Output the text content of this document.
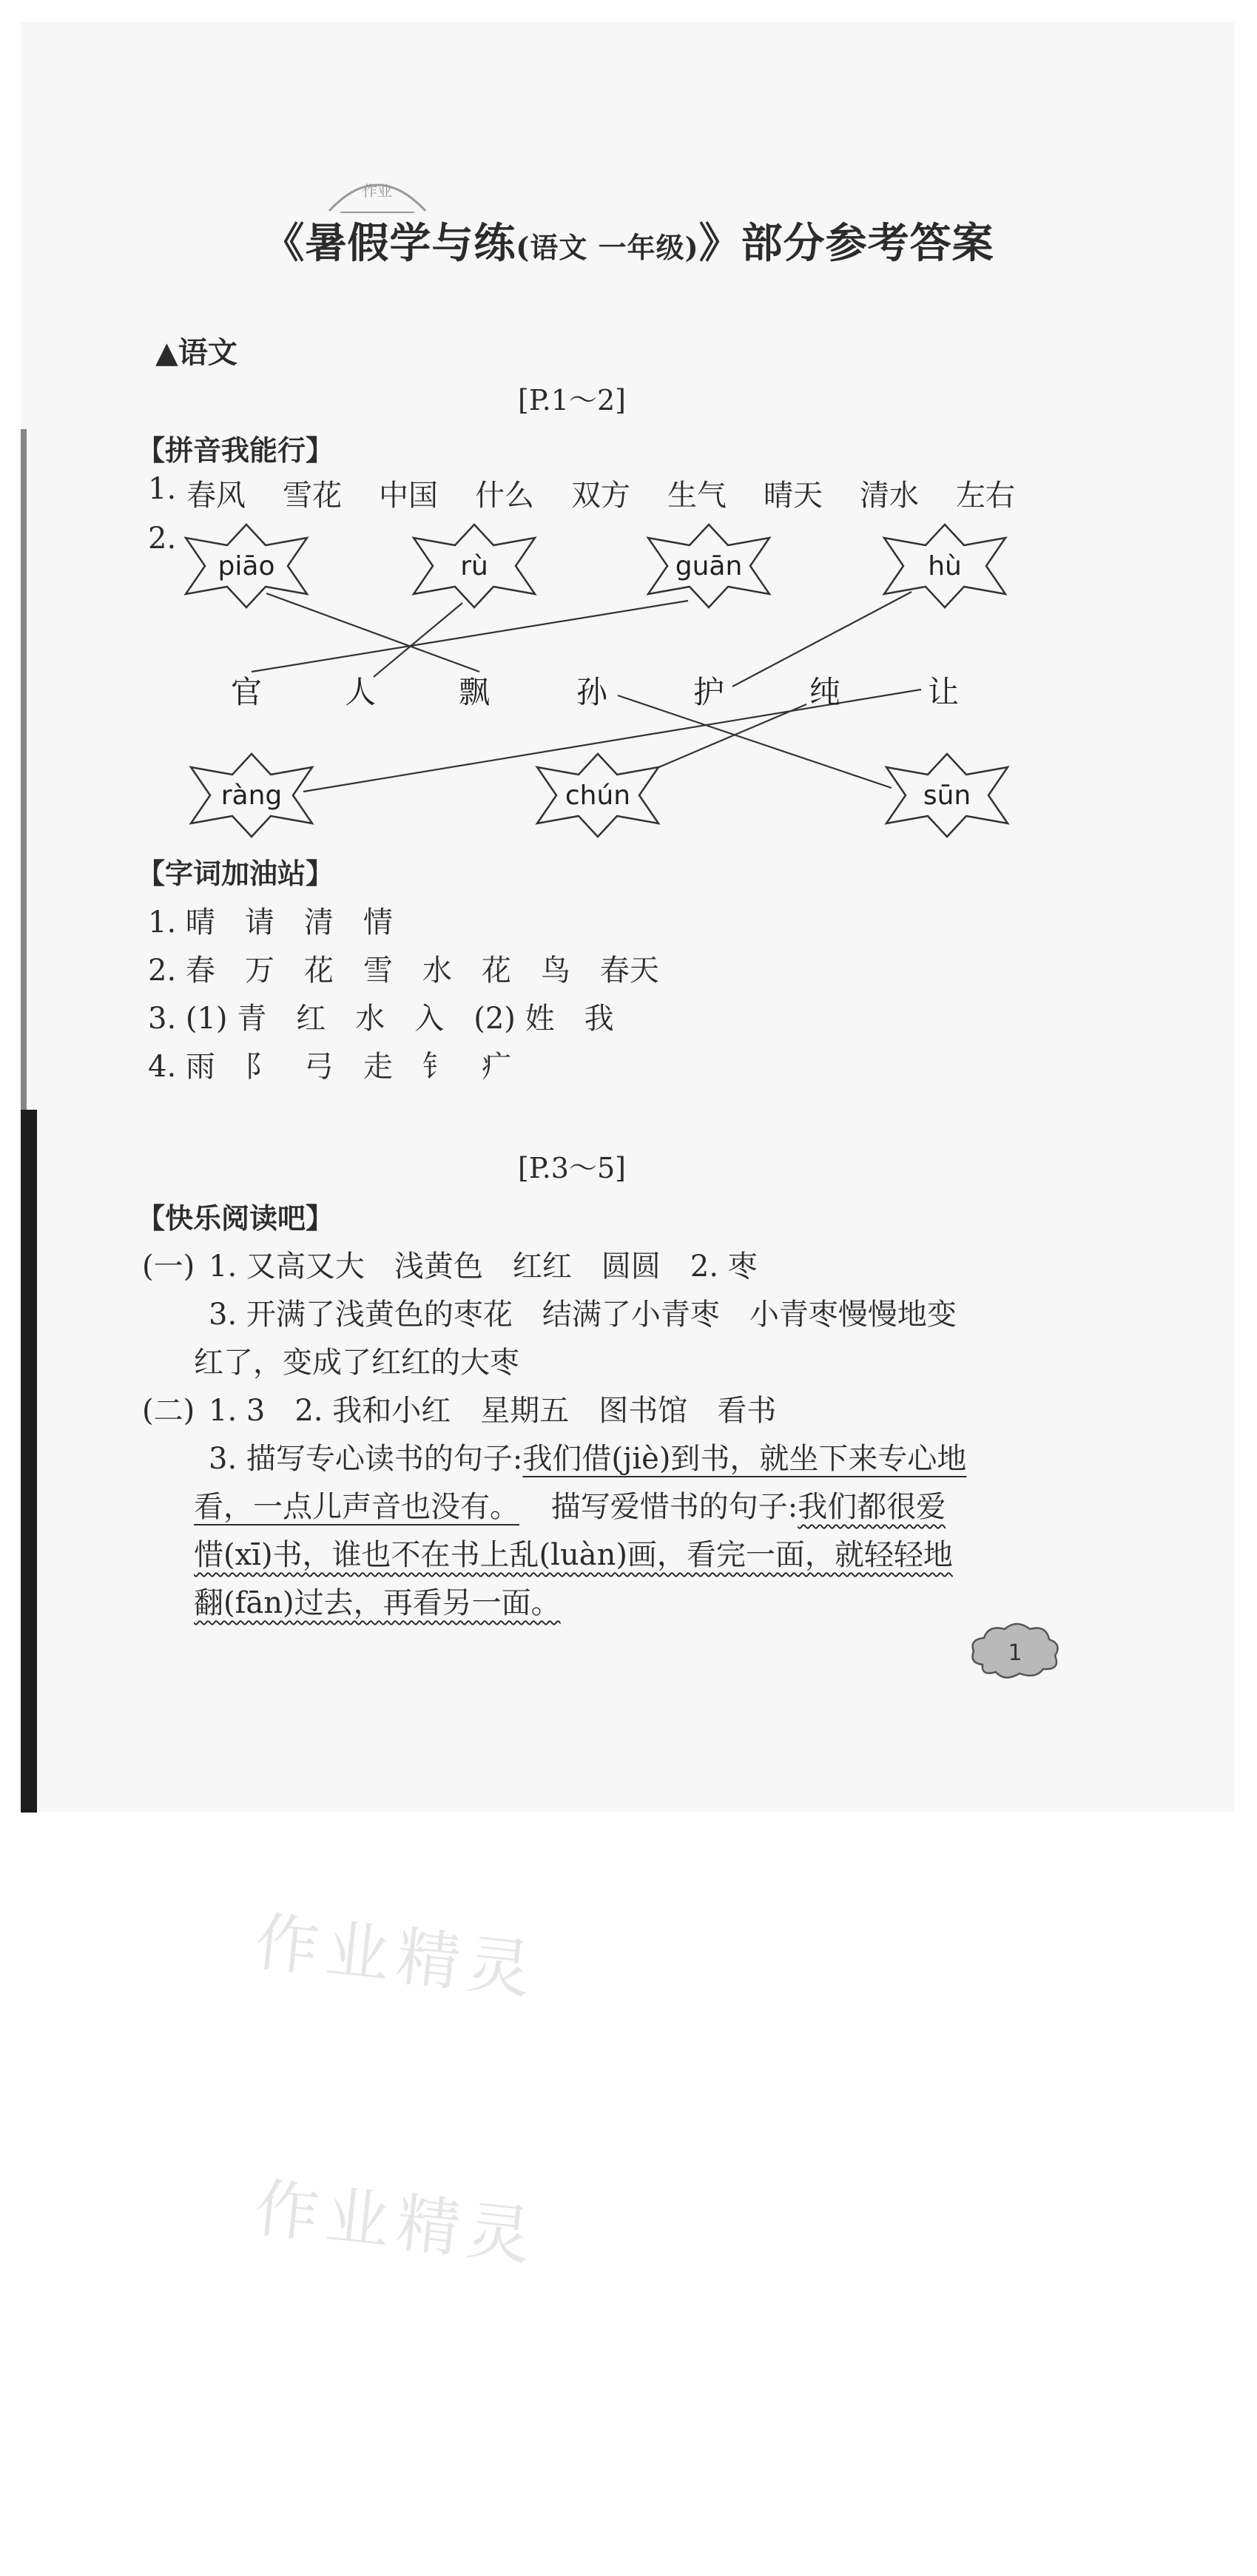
作业
《暑假学与练(语文 一年级)》部分参考答案
▲语文
[P.1～2]
【拼音我能行】
1. 春风 雪花 中国 什么 双方 生气 晴天 清水 左右
2.
piāo	rù	guān	hù
官	人	飘	孙	护	纯	让
ràng	chún	sūn
【字词加油站】
1. 晴　请　清　情
2. 春　万　花　雪　水　花　鸟　春天
3. (1) 青　红　水　入　(2) 姓　我
4. 雨　阝　弓　走　钅　疒
[P.3～5]
【快乐阅读吧】
(一) 1. 又高又大　浅黄色　红红　圆圆　2. 枣
3. 开满了浅黄色的枣花　结满了小青枣　小青枣慢慢地变
红了，变成了红红的大枣
(二) 1. 3　2. 我和小红　星期五　图书馆　看书
3. 描写专心读书的句子:我们借(jiè)到书，就坐下来专心地
看，一点儿声音也没有。 描写爱惜书的句子:我们都很爱
惜(xī)书，谁也不在书上乱(luàn)画，看完一面，就轻轻地
翻(fān)过去，再看另一面。
1
作业精灵
作业精灵
